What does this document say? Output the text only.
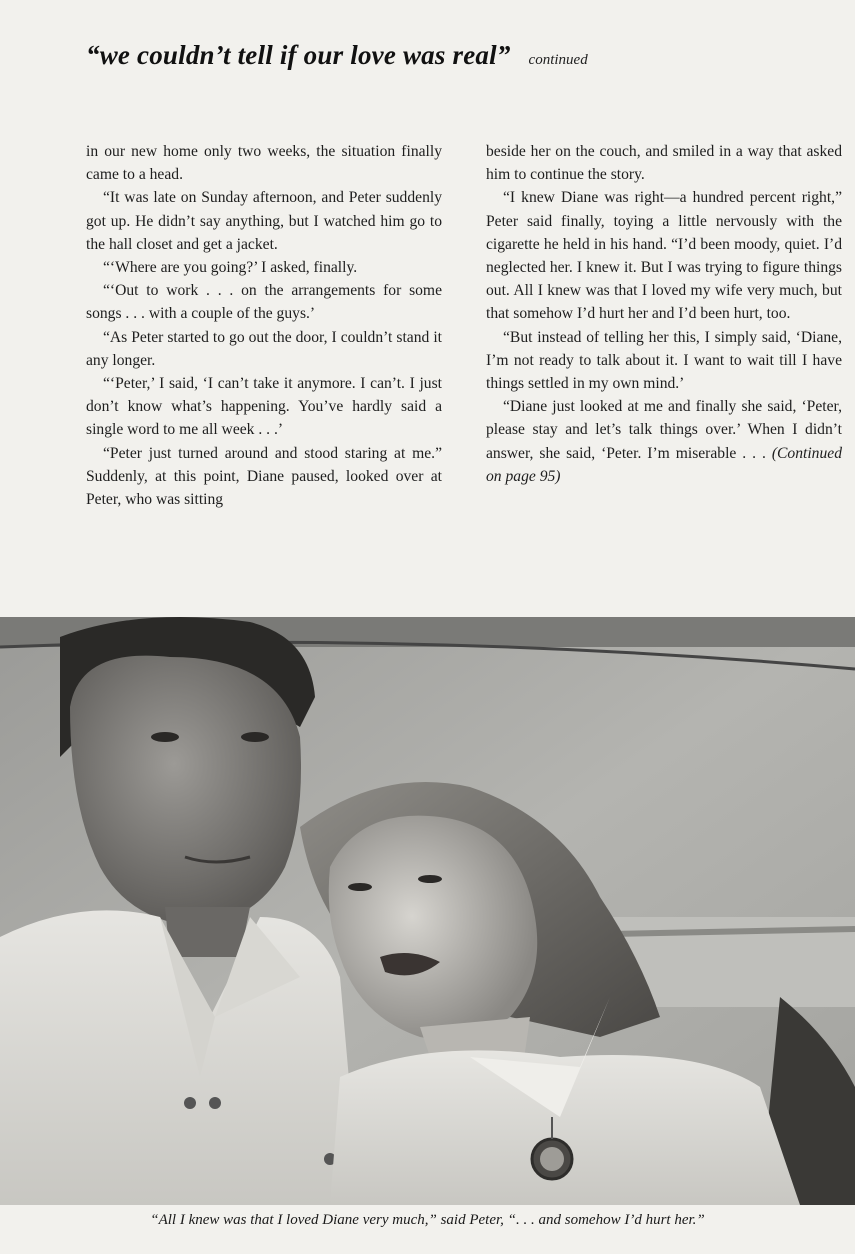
“we couldn’t tell if our love was real” continued

in our new home only two weeks, the situation finally came to a head.

“It was late on Sunday afternoon, and Peter suddenly got up. He didn’t say anything, but I watched him go to the hall closet and get a jacket.

“‘Where are you going?’ I asked, finally.

“‘Out to work . . . on the arrangements for some songs . . . with a couple of the guys.’

“As Peter started to go out the door, I couldn’t stand it any longer.

“‘Peter,’ I said, ‘I can’t take it anymore. I can’t. I just don’t know what’s happening. You’ve hardly said a single word to me all week . . .’

“Peter just turned around and stood staring at me.” Suddenly, at this point, Diane paused, looked over at Peter, who was sitting

beside her on the couch, and smiled in a way that asked him to continue the story.

“I knew Diane was right—a hundred percent right,” Peter said finally, toying a little nervously with the cigarette he held in his hand. “I’d been moody, quiet. I’d neglected her. I knew it. But I was trying to figure things out. All I knew was that I loved my wife very much, but that somehow I’d hurt her and I’d been hurt, too.

“But instead of telling her this, I simply said, ‘Diane, I’m not ready to talk about it. I want to wait till I have things settled in my own mind.’

“Diane just looked at me and finally she said, ‘Peter, please stay and let’s talk things over.’ When I didn’t answer, she said, ‘Peter. I’m miserable . . . (Continued on page 95)

“All I knew was that I loved Diane very much,” said Peter, “. . . and somehow I’d hurt her.”
